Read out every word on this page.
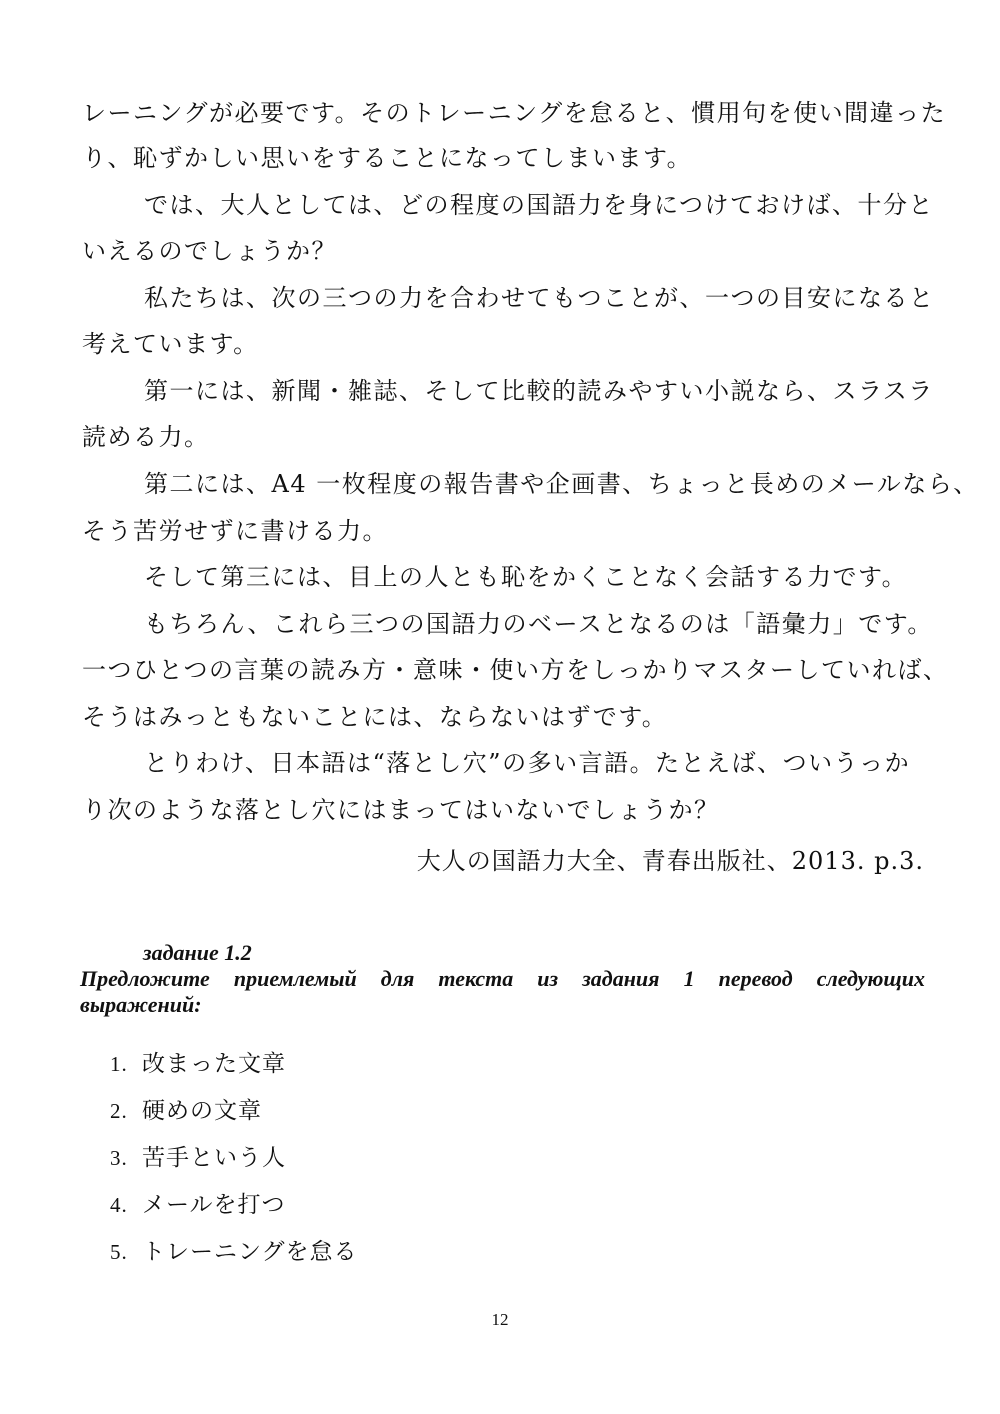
レーニングが必要です。そのトレーニングを怠ると、慣用句を使い間違った
り、恥ずかしい思いをすることになってしまいます。
では、大人としては、どの程度の国語力を身につけておけば、十分と
いえるのでしょうか？
私たちは、次の三つの力を合わせてもつことが、一つの目安になると
考えています。
第一には、新聞・雑誌、そして比較的読みやすい小説なら、スラスラ
読める力。
第二には、A4 一枚程度の報告書や企画書、ちょっと長めのメールなら、
そう苦労せずに書ける力。
そして第三には、目上の人とも恥をかくことなく会話する力です。
もちろん、これら三つの国語力のベースとなるのは「語彙力」です。
一つひとつの言葉の読み方・意味・使い方をしっかりマスターしていれば、
そうはみっともないことには、ならないはずです。
とりわけ、日本語は“落とし穴”の多い言語。たとえば、ついうっか
り次のような落とし穴にはまってはいないでしょうか？
大人の国語力大全、青春出版社、2013. p.3.
задание 1.2
Предложите приемлемый для текста из задания 1 перевод следующих выражений:
1. 改まった文章
2. 硬めの文章
3. 苦手という人
4. メールを打つ
5. トレーニングを怠る
12
